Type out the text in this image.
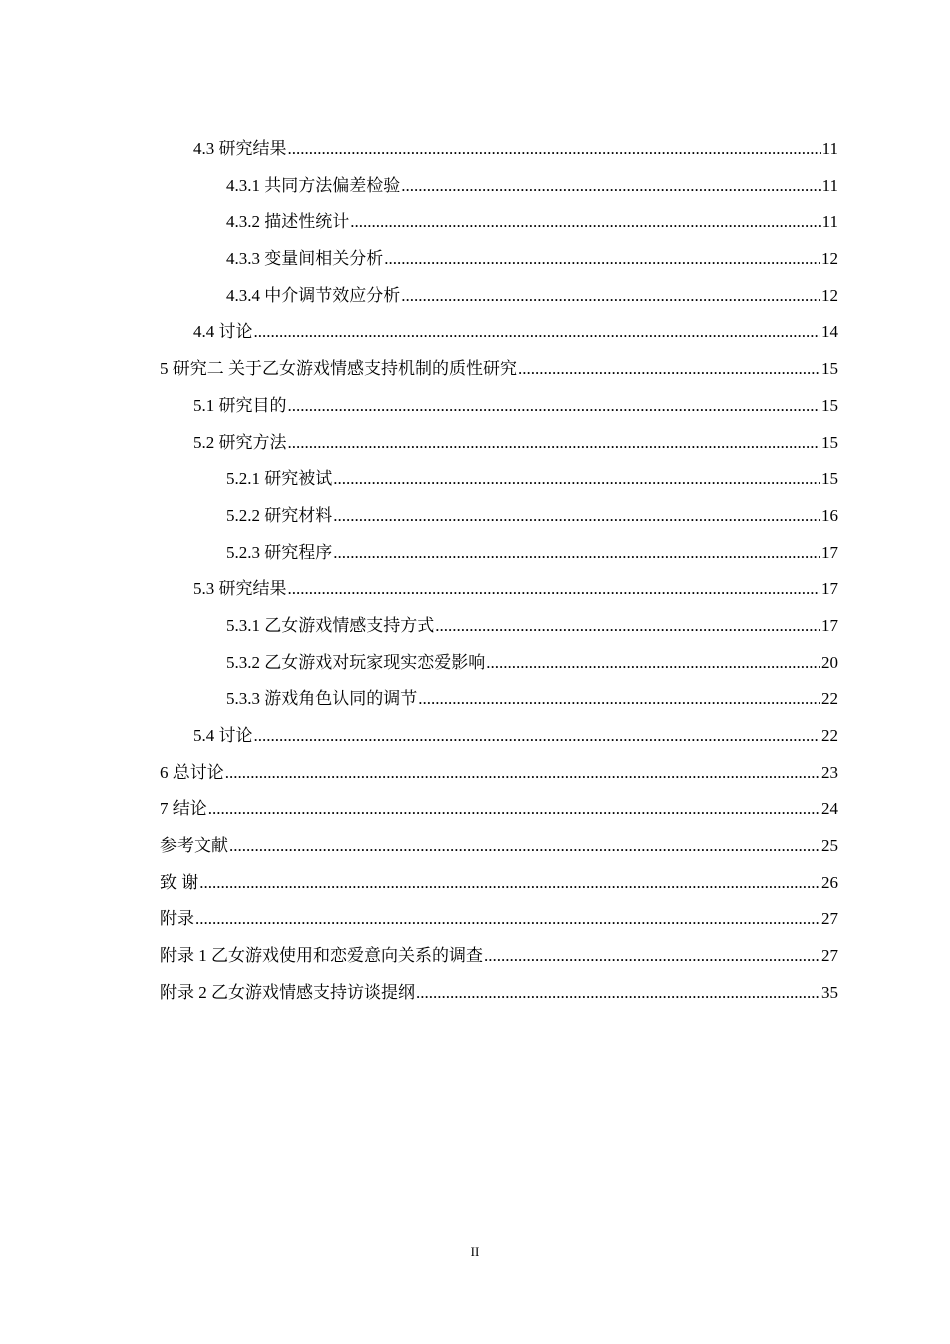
4.3 研究结果 .....	11
4.3.1 共同方法偏差检验 .....	11
4.3.2 描述性统计 .....	11
4.3.3 变量间相关分析 .....	12
4.3.4 中介调节效应分析 .....	12
4.4 讨论 .....	14
5 研究二 关于乙女游戏情感支持机制的质性研究 .....	15
5.1 研究目的 .....	15
5.2 研究方法 .....	15
5.2.1 研究被试 .....	15
5.2.2 研究材料 .....	16
5.2.3 研究程序 .....	17
5.3 研究结果 .....	17
5.3.1 乙女游戏情感支持方式 .....	17
5.3.2 乙女游戏对玩家现实恋爱影响 .....	20
5.3.3 游戏角色认同的调节 .....	22
5.4 讨论 .....	22
6 总讨论 .....	23
7 结论 .....	24
参考文献 .....	25
致 谢 .....	26
附录 .....	27
附录 1 乙女游戏使用和恋爱意向关系的调查 .....	27
附录 2 乙女游戏情感支持访谈提纲 .....	35
II
